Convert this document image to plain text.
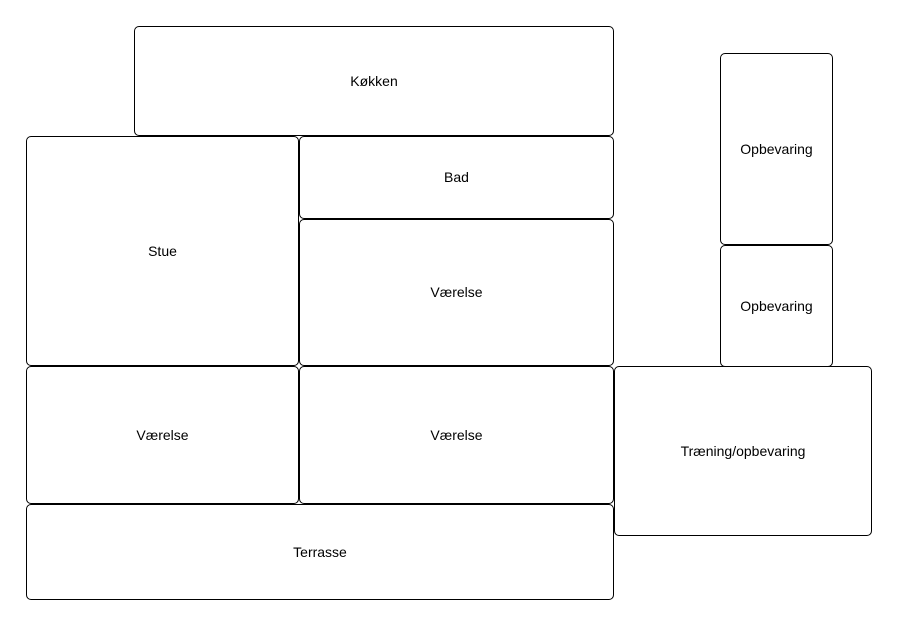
Køkken
Opbevaring
Stue
Bad
Værelse
Opbevaring
Værelse	Værelse
Træning/opbevaring
Terrasse
